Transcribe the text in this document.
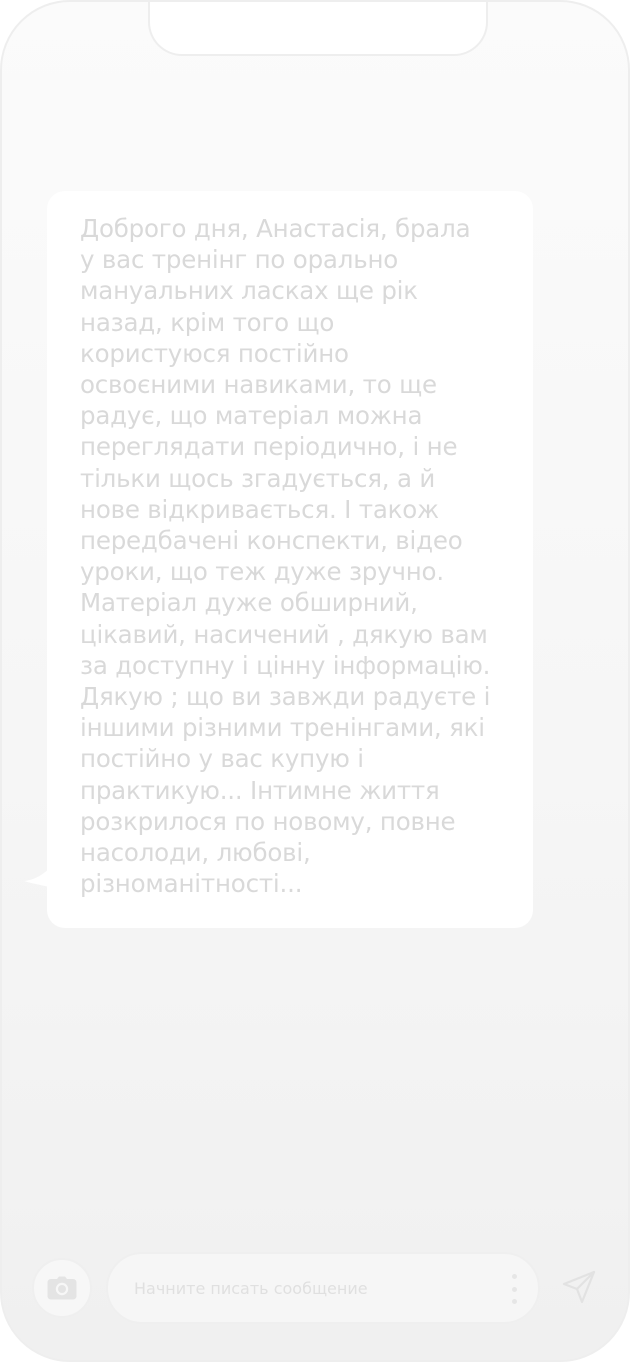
Доброго дня, Анастасія, брала
у вас тренінг по орально
мануальних ласках ще рік
назад, крім того що
користуюся постійно
освоєними навиками, то ще
радує, що матеріал можна
переглядати періодично, і не
тільки щось згадується, а й
нове відкривається. І також
передбачені конспекти, відео
уроки, що теж дуже зручно.
Матеріал дуже обширний,
цікавий, насичений , дякую вам
за доступну і цінну інформацію.
Дякую ; що ви завжди радуєте і
іншими різними тренінгами, які
постійно у вас купую і
практикую... Інтимне життя
розкрилося по новому, повне
насолоди, любові,
різноманітності...

Начните писать сообщение
